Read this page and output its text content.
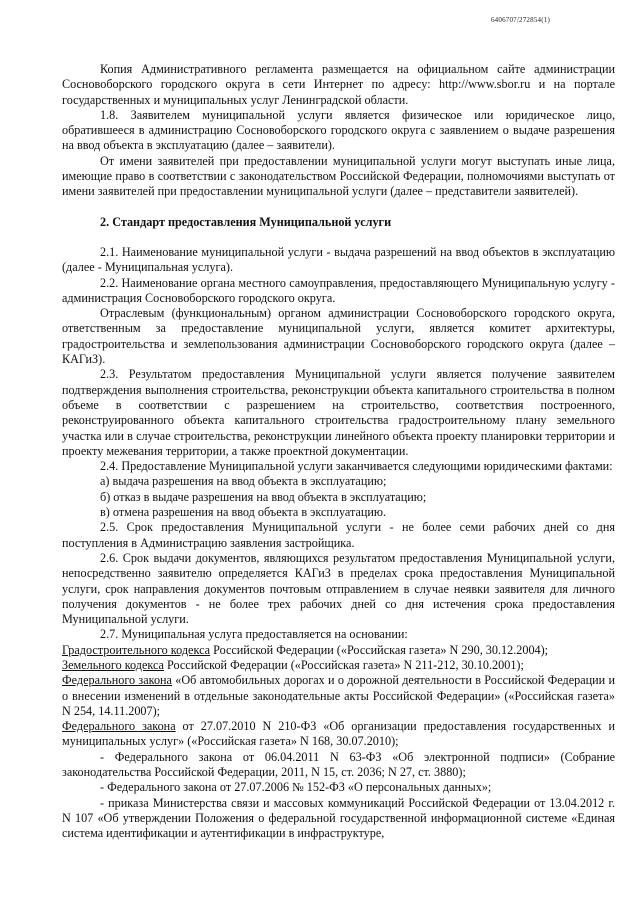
6406707/272854(1)

Копия Административного регламента размещается на официальном сайте администрации Сосновоборского городского округа в сети Интернет по адресу: http://www.sbor.ru и на портале государственных и муниципальных услуг Ленинградской области.

1.8. Заявителем муниципальной услуги является физическое или юридическое лицо, обратившееся в администрацию Сосновоборского городского округа с заявлением о выдаче разрешения на ввод объекта в эксплуатацию (далее – заявители).

От имени заявителей при предоставлении муниципальной услуги могут выступать иные лица, имеющие право в соответствии с законодательством Российской Федерации, полномочиями выступать от имени заявителей при предоставлении муниципальной услуги (далее – представители заявителей).

2. Стандарт предоставления Муниципальной услуги

2.1. Наименование муниципальной услуги - выдача разрешений на ввод объектов в эксплуатацию (далее - Муниципальная услуга).

2.2. Наименование органа местного самоуправления, предоставляющего Муниципальную услугу - администрация Сосновоборского городского округа.

Отраслевым (функциональным) органом администрации Сосновоборского городского округа, ответственным за предоставление муниципальной услуги, является комитет архитектуры, градостроительства и землепользования администрации Сосновоборского городского округа (далее – КАГиЗ).

2.3. Результатом предоставления Муниципальной услуги является получение заявителем подтверждения выполнения строительства, реконструкции объекта капитального строительства в полном объеме в соответствии с разрешением на строительство, соответствия построенного, реконструированного объекта капитального строительства градостроительному плану земельного участка или в случае строительства, реконструкции линейного объекта проекту планировки территории и проекту межевания территории, а также проектной документации.

2.4. Предоставление Муниципальной услуги заканчивается следующими юридическими фактами:

а) выдача разрешения на ввод объекта в эксплуатацию;

б) отказ в выдаче разрешения на ввод объекта в эксплуатацию;

в) отмена разрешения на ввод объекта в эксплуатацию.

2.5. Срок предоставления Муниципальной услуги - не более семи рабочих дней со дня поступления в Администрацию заявления застройщика.

2.6. Срок выдачи документов, являющихся результатом предоставления Муниципальной услуги, непосредственно заявителю определяется КАГиЗ в пределах срока предоставления Муниципальной услуги, срок направления документов почтовым отправлением в случае неявки заявителя для личного получения документов - не более трех рабочих дней со дня истечения срока предоставления Муниципальной услуги.

2.7. Муниципальная услуга предоставляется на основании:

Градостроительного кодекса Российской Федерации («Российская газета» N 290, 30.12.2004);

Земельного кодекса Российской Федерации («Российская газета» N 211-212, 30.10.2001);

Федерального закона «Об автомобильных дорогах и о дорожной деятельности в Российской Федерации и о внесении изменений в отдельные законодательные акты Российской Федерации» («Российская газета» N 254, 14.11.2007);

Федерального закона от 27.07.2010 N 210-ФЗ «Об организации предоставления государственных и муниципальных услуг» («Российская газета» N 168, 30.07.2010);

- Федерального закона от 06.04.2011 N 63-ФЗ «Об электронной подписи» (Собрание законодательства Российской Федерации, 2011, N 15, ст. 2036; N 27, ст. 3880);

- Федерального закона от 27.07.2006 № 152-ФЗ «О персональных данных»;

- приказа Министерства связи и массовых коммуникаций Российской Федерации от 13.04.2012 г. N 107 «Об утверждении Положения о федеральной государственной информационной системе «Единая система идентификации и аутентификации в инфраструктуре,
